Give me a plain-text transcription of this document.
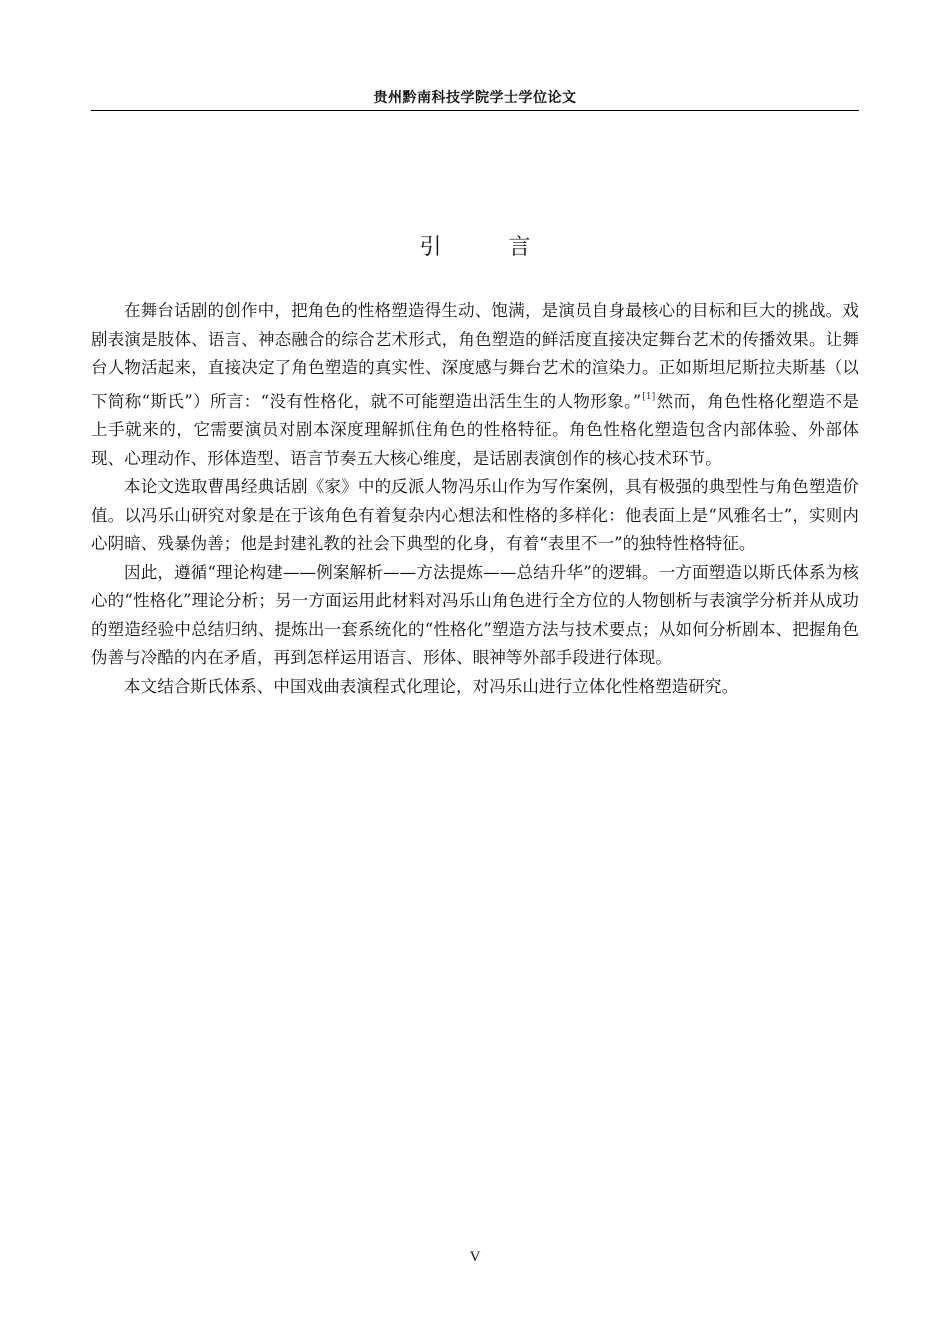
贵州黔南科技学院学士学位论文
引 言

在舞台话剧的创作中，把角色的性格塑造得生动、饱满，是演员自身最核心的目标和巨大的挑战。戏剧表演是肢体、语言、神态融合的综合艺术形式，角色塑造的鲜活度直接决定舞台艺术的传播效果。让舞台人物活起来，直接决定了角色塑造的真实性、深度感与舞台艺术的渲染力。正如斯坦尼斯拉夫斯基（以下简称“斯氏”）所言：“没有性格化，就不可能塑造出活生生的人物形象。”[1]然而，角色性格化塑造不是上手就来的，它需要演员对剧本深度理解抓住角色的性格特征。角色性格化塑造包含内部体验、外部体现、心理动作、形体造型、语言节奏五大核心维度，是话剧表演创作的核心技术环节。

本论文选取曹禺经典话剧《家》中的反派人物冯乐山作为写作案例，具有极强的典型性与角色塑造价值。以冯乐山研究对象是在于该角色有着复杂内心想法和性格的多样化：他表面上是“风雅名士”，实则内心阴暗、残暴伪善；他是封建礼教的社会下典型的化身，有着“表里不一”的独特性格特征。

因此，遵循“理论构建——例案解析——方法提炼——总结升华”的逻辑。一方面塑造以斯氏体系为核心的“性格化”理论分析；另一方面运用此材料对冯乐山角色进行全方位的人物刨析与表演学分析并从成功的塑造经验中总结归纳、提炼出一套系统化的“性格化”塑造方法与技术要点；从如何分析剧本、把握角色伪善与冷酷的内在矛盾，再到怎样运用语言、形体、眼神等外部手段进行体现。

本文结合斯氏体系、中国戏曲表演程式化理论，对冯乐山进行立体化性格塑造研究。

V
